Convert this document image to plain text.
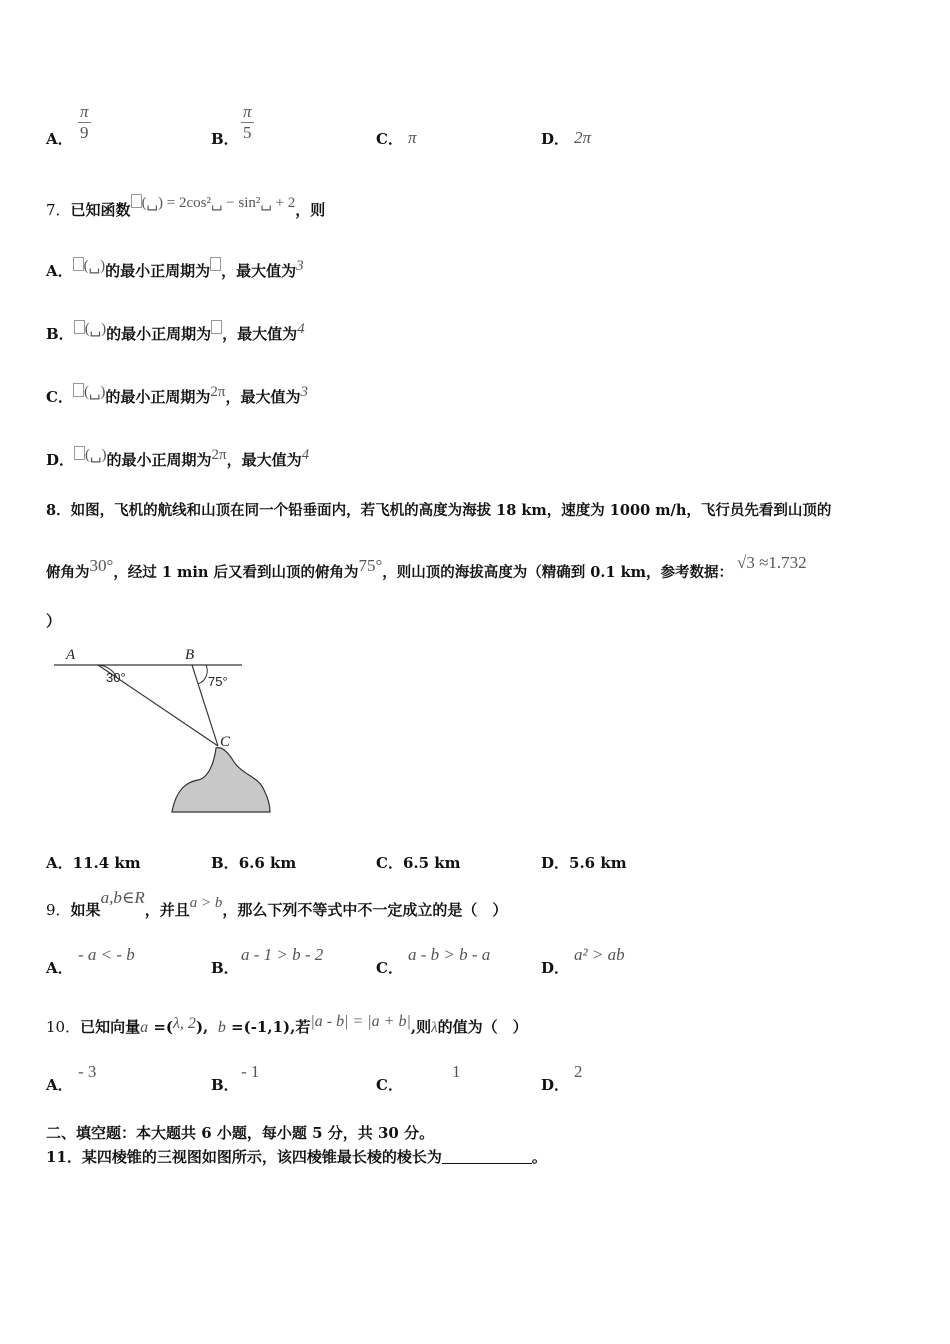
A． $\frac{\pi}{9}$	B． $\frac{\pi}{5}$	C． π	D． 2π
7．已知函数 (␣) = 2cos²␣ − sin²␣ + 2，则
A． (␣)的最小正周期为 ，最大值为3
B． (␣)的最小正周期为 ，最大值为4
C． (␣)的最小正周期为2π，最大值为3
D． (␣)的最小正周期为2π，最大值为4
8．如图，飞机的航线和山顶在同一个铅垂面内，若飞机的高度为海拔 18 km，速度为 1000 m/h，飞行员先看到山顶的
俯角为30°，经过 1 min 后又看到山顶的俯角为75°，则山顶的海拔高度为（精确到 0.1 km，参考数据：√3 ≈1.732
）
A	B
C
30°	75°
A．11.4 km	B．6.6 km	C．6.5 km	D．5.6 km
9．如果a,b∈R，并且a > b，那么下列不等式中不一定成立的是（　）
A．
- a < - b
B．
a - 1 > b - 2
C．
a - b > b - a
D．
a² > ab
10．已知向量a =(λ, 2), b =(-1,1),若|a - b| = |a + b|,则λ的值为（　）
A．
- 3
B．
- 1
C．
1
D．
2
二、填空题：本大题共 6 小题，每小题 5 分，共 30 分。
11．某四棱锥的三视图如图所示，该四棱锥最长棱的棱长为	。
